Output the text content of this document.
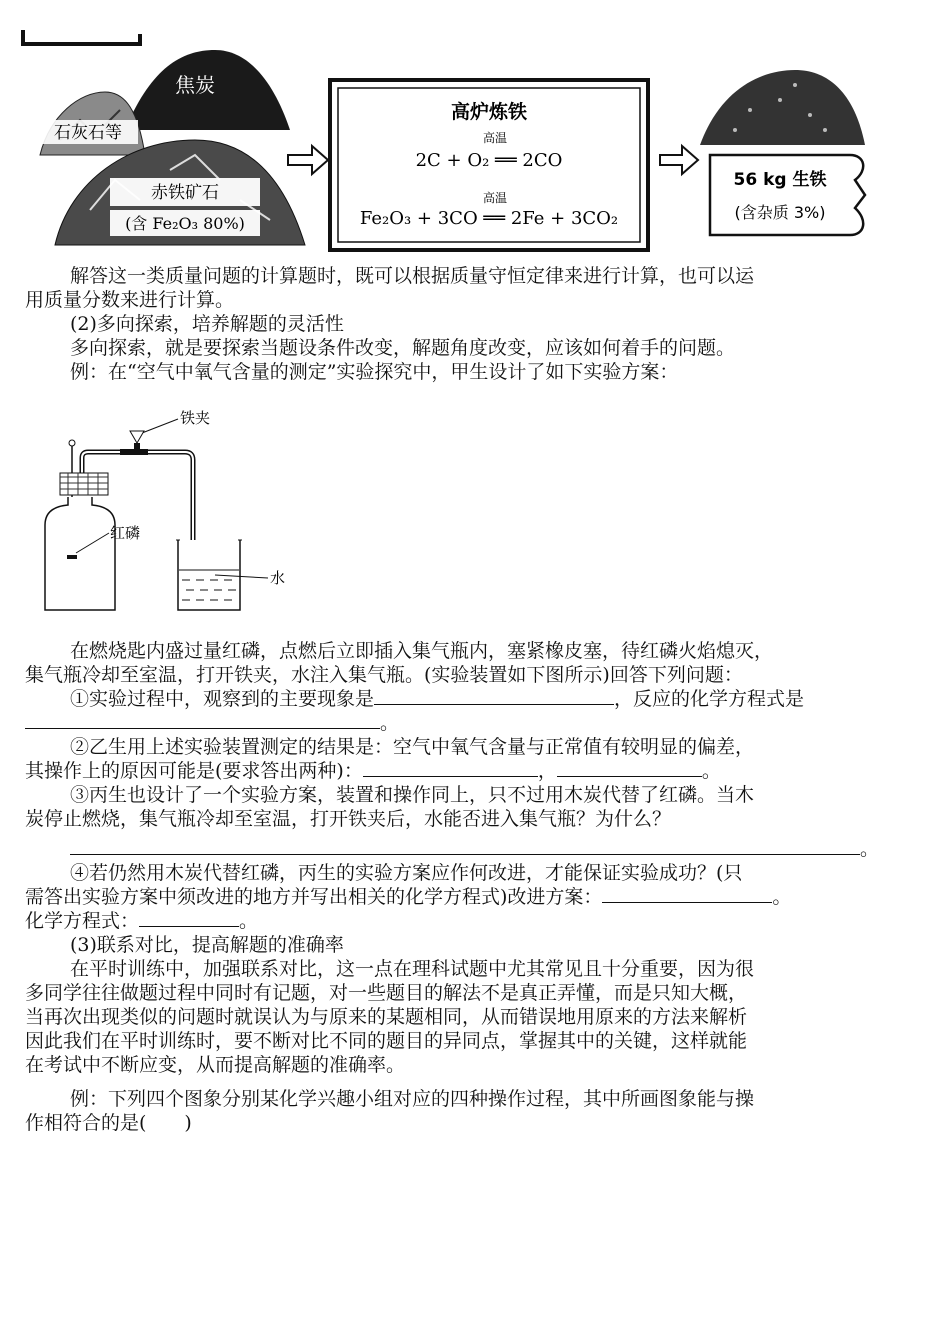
焦炭
石灰石等
赤铁矿石
(含 Fe₂O₃ 80%)
高炉炼铁
高温
2C + O₂ ══ 2CO
高温
Fe₂O₃ + 3CO ══ 2Fe + 3CO₂
56 kg 生铁
(含杂质 3%)
解答这一类质量问题的计算题时，既可以根据质量守恒定律来进行计算，也可以运
用质量分数来进行计算。
(2)多向探索，培养解题的灵活性
多向探索，就是要探索当题设条件改变，解题角度改变，应该如何着手的问题。
例：在“空气中氧气含量的测定”实验探究中，甲生设计了如下实验方案：
铁夹
红磷
水
在燃烧匙内盛过量红磷，点燃后立即插入集气瓶内，塞紧橡皮塞，待红磷火焰熄灭，
集气瓶冷却至室温，打开铁夹，水注入集气瓶。(实验装置如下图所示)回答下列问题：
①实验过程中，观察到的主要现象是	，反应的化学方程式是
。
②乙生用上述实验装置测定的结果是：空气中氧气含量与正常值有较明显的偏差，
其操作上的原因可能是(要求答出两种)：	，	。
③丙生也设计了一个实验方案，装置和操作同上，只不过用木炭代替了红磷。当木
炭停止燃烧，集气瓶冷却至室温，打开铁夹后，水能否进入集气瓶？为什么？
。
④若仍然用木炭代替红磷，丙生的实验方案应作何改进，才能保证实验成功？(只
需答出实验方案中须改进的地方并写出相关的化学方程式)改进方案：	。
化学方程式：	。
(3)联系对比，提高解题的准确率
在平时训练中，加强联系对比，这一点在理科试题中尤其常见且十分重要，因为很
多同学往往做题过程中同时有记题，对一些题目的解法不是真正弄懂，而是只知大概，
当再次出现类似的问题时就误认为与原来的某题相同，从而错误地用原来的方法来解析
因此我们在平时训练时，要不断对比不同的题目的异同点，掌握其中的关键，这样就能
在考试中不断应变，从而提高解题的准确率。
例：下列四个图象分别某化学兴趣小组对应的四种操作过程，其中所画图象能与操
作相符合的是(　　)
